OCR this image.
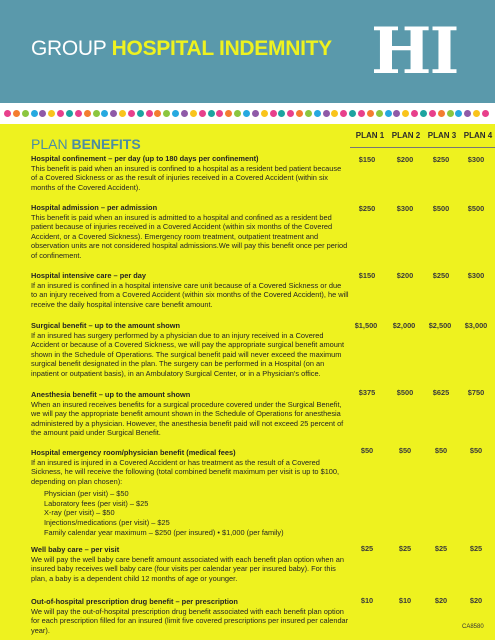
GROUP HOSPITAL INDEMNITY HI
PLAN BENEFITS
PLAN 1 PLAN 2 PLAN 3 PLAN 4
Hospital confinement – per day (up to 180 days per confinement)
This benefit is paid when an insured is confined to a hospital as a resident bed patient because of a Covered Sickness or as the result of injuries received in a Covered Accident (within six months of the Covered Accident).
$150	$200	$250	$300
Hospital admission – per admission
This benefit is paid when an insured is admitted to a hospital and confined as a resident bed patient because of injuries received in a Covered Accident (within six months of the Covered Accident, or a Covered Sickness). Emergency room treatment, outpatient treatment and observation units are not considered hospital admissions.We will pay this benefit once per period of confinement.
$250	$300	$500	$500
Hospital intensive care – per day
If an insured is confined in a hospital intensive care unit because of a Covered Sickness or due to an injury received from a Covered Accident (within six months of the Covered Accident), he will receive the daily hospital intensive care benefit amount.
$150	$200	$250	$300
Surgical benefit – up to the amount shown
If an insured has surgery performed by a physician due to an injury received in a Covered Accident or because of a Covered Sickness, we will pay the appropriate surgical benefit amount shown in the Schedule of Operations. The surgical benefit paid will never exceed the maximum surgical benefit designated in the plan. The surgery can be performed in a Hospital (on an inpatient or outpatient basis), in an Ambulatory Surgical Center, or in a Physician's office.
$1,500	$2,000	$2,500	$3,000
Anesthesia benefit – up to the amount shown
When an insured receives benefits for a surgical procedure covered under the Surgical Benefit, we will pay the appropriate benefit amount shown in the Schedule of Operations for anesthesia administered by a physician. However, the anesthesia benefit paid will not exceed 25 percent of the amount paid under Surgical Benefit.
$375	$500	$625	$750
Hospital emergency room/physician benefit (medical fees)
If an insured is injured in a Covered Accident or has treatment as the result of a Covered Sickness, he will receive the following (total combined benefit maximum per visit is up to $100, depending on plan chosen):
Physician (per visit) – $50
Laboratory fees (per visit) – $25
X-ray (per visit) – $50
Injections/medications (per visit) – $25
Family calendar year maximum – $250 (per insured) • $1,000 (per family)
$50	$50	$50	$50
Well baby care – per visit
We will pay the well baby care benefit amount associated with each benefit plan option when an insured baby receives well baby care (four visits per calendar year per insured baby). For this plan, a baby is a dependent child 12 months of age or younger.
$25	$25	$25	$25
Out-of-hospital prescription drug benefit – per prescription
We will pay the out-of-hospital prescription drug benefit associated with each benefit plan option for each prescription filled for an insured (limit five covered prescriptions per insured per calendar year).
$10	$10	$20	$20
CA8580
